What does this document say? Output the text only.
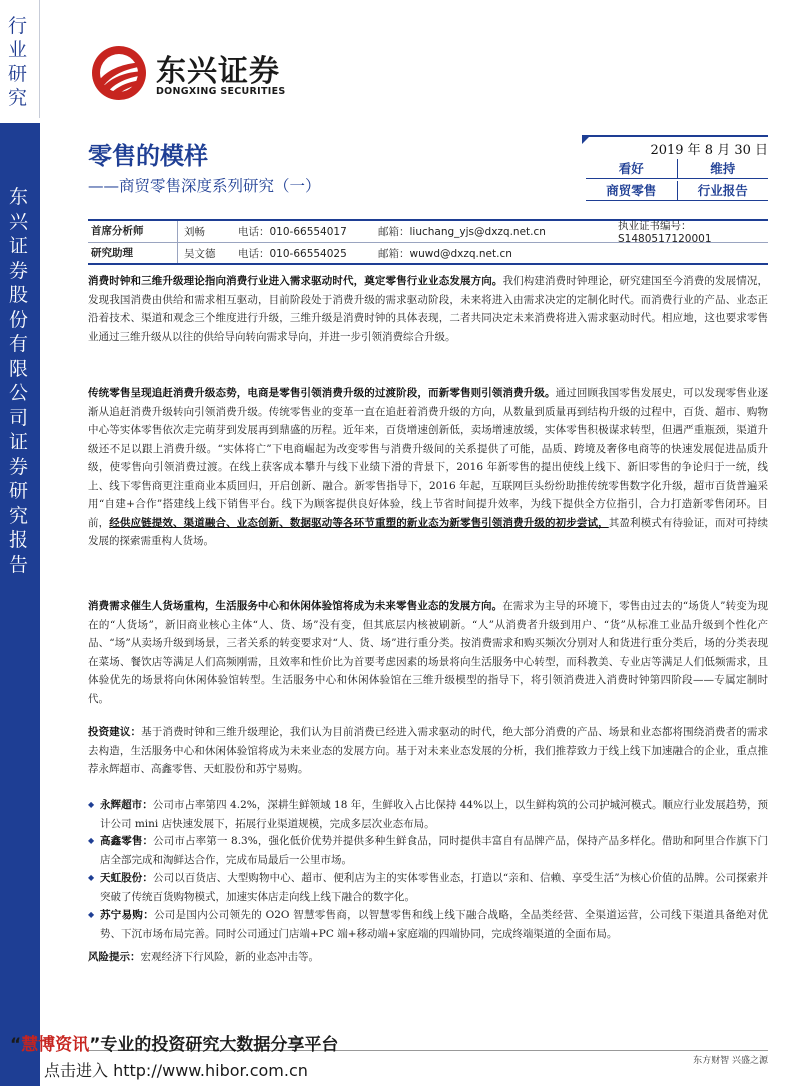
行业研究
东兴证券股份有限公司证券研究报告
东兴证券
DONGXING SECURITIES
零售的模样
——商贸零售深度系列研究（一）
2019 年 8 月 30 日
看好	维持
商贸零售	行业报告
首席分析师	刘畅	电话：010-66554017	邮箱：liuchang_yjs@dxzq.net.cn	执业证书编号：S1480517120001
研究助理	吴文德	电话：010-66554025	邮箱：wuwd@dxzq.net.cn

消费时钟和三维升级理论指向消费行业进入需求驱动时代，奠定零售行业业态发展方向。我们构建消费时钟理论，研究建国至今消费的发展情况，发现我国消费由供给和需求相互驱动，目前阶段处于消费升级的需求驱动阶段，未来将进入由需求决定的定制化时代。而消费行业的产品、业态正沿着技术、渠道和观念三个维度进行升级，三维升级是消费时钟的具体表现，二者共同决定未来消费将进入需求驱动时代。相应地，这也要求零售业通过三维升级从以往的供给导向转向需求导向，并进一步引领消费综合升级。

传统零售呈现追赶消费升级态势，电商是零售引领消费升级的过渡阶段，而新零售则引领消费升级。通过回顾我国零售发展史，可以发现零售业逐渐从追赶消费升级转向引领消费升级。传统零售业的变革一直在追赶着消费升级的方向，从数量到质量再到结构升级的过程中，百货、超市、购物中心等实体零售依次走完萌芽到发展再到鼎盛的历程。近年来，百货增速创新低，卖场增速放缓，实体零售积极谋求转型，但遇严重瓶颈，渠道升级还不足以跟上消费升级。“实体将亡”下电商崛起为改变零售与消费升级间的关系提供了可能，品质、跨境及奢侈电商等的快速发展促进品质升级，使零售向引领消费过渡。在线上获客成本攀升与线下业绩下滑的背景下，2016 年新零售的提出使线上线下、新旧零售的争论归于一统，线上、线下零售商更注重商业本质回归，开启创新、融合。新零售指导下，2016 年起，互联网巨头纷纷助推传统零售数字化升级，超市百货普遍采用“自建+合作”搭建线上线下销售平台。线下为顾客提供良好体验，线上节省时间提升效率，为线下提供全方位指引，合力打造新零售闭环。目前，经供应链提效、渠道融合、业态创新、数据驱动等各环节重塑的新业态为新零售引领消费升级的初步尝试，其盈利模式有待验证，而对可持续发展的探索需重构人货场。

消费需求催生人货场重构，生活服务中心和休闲体验馆将成为未来零售业态的发展方向。在需求为主导的环境下，零售由过去的“场货人”转变为现在的“人货场”，新旧商业核心主体“人、货、场”没有变，但其底层内核被刷新。“人”从消费者升级到用户、“货”从标准工业品升级到个性化产品、“场”从卖场升级到场景，三者关系的转变要求对“人、货、场”进行重分类。按消费需求和购买频次分别对人和货进行重分类后，场的分类表现在菜场、餐饮店等满足人们高频刚需，且效率和性价比为首要考虑因素的场景将向生活服务中心转型，而科教美、专业店等满足人们低频需求，且体验优先的场景将向休闲体验馆转型。生活服务中心和休闲体验馆在三维升级模型的指导下，将引领消费进入消费时钟第四阶段——专属定制时代。

投资建议：基于消费时钟和三维升级理论，我们认为目前消费已经进入需求驱动的时代，绝大部分消费的产品、场景和业态都将围绕消费者的需求去构造，生活服务中心和休闲体验馆将成为未来业态的发展方向。基于对未来业态发展的分析，我们推荐致力于线上线下加速融合的企业，重点推荐永辉超市、高鑫零售、天虹股份和苏宁易购。

◆ 永辉超市：公司市占率第四 4.2%，深耕生鲜领域 18 年，生鲜收入占比保持 44%以上，以生鲜构筑的公司护城河模式。顺应行业发展趋势，预计公司 mini 店快速发展下，拓展行业渠道规模，完成多层次业态布局。

◆ 高鑫零售：公司市占率第一 8.3%，强化低价优势并提供多种生鲜食品，同时提供丰富自有品牌产品，保持产品多样化。借助和阿里合作旗下门店全部完成和淘鲜达合作，完成布局最后一公里市场。

◆ 天虹股份：公司以百货店、大型购物中心、超市、便利店为主的实体零售业态，打造以“亲和、信赖、享受生活”为核心价值的品牌。公司探索并突破了传统百货购物模式，加速实体店走向线上线下融合的数字化。

◆ 苏宁易购：公司是国内公司领先的 O2O 智慧零售商，以智慧零售和线上线下融合战略，全品类经营、全渠道运营，公司线下渠道具备绝对优势、下沉市场布局完善。同时公司通过门店端+PC 端+移动端+家庭端的四端协同，完成终端渠道的全面布局。

风险提示：宏观经济下行风险，新的业态冲击等。

东方财智 兴盛之源
“慧博资讯”专业的投资研究大数据分享平台
点击进入 http://www.hibor.com.cn
